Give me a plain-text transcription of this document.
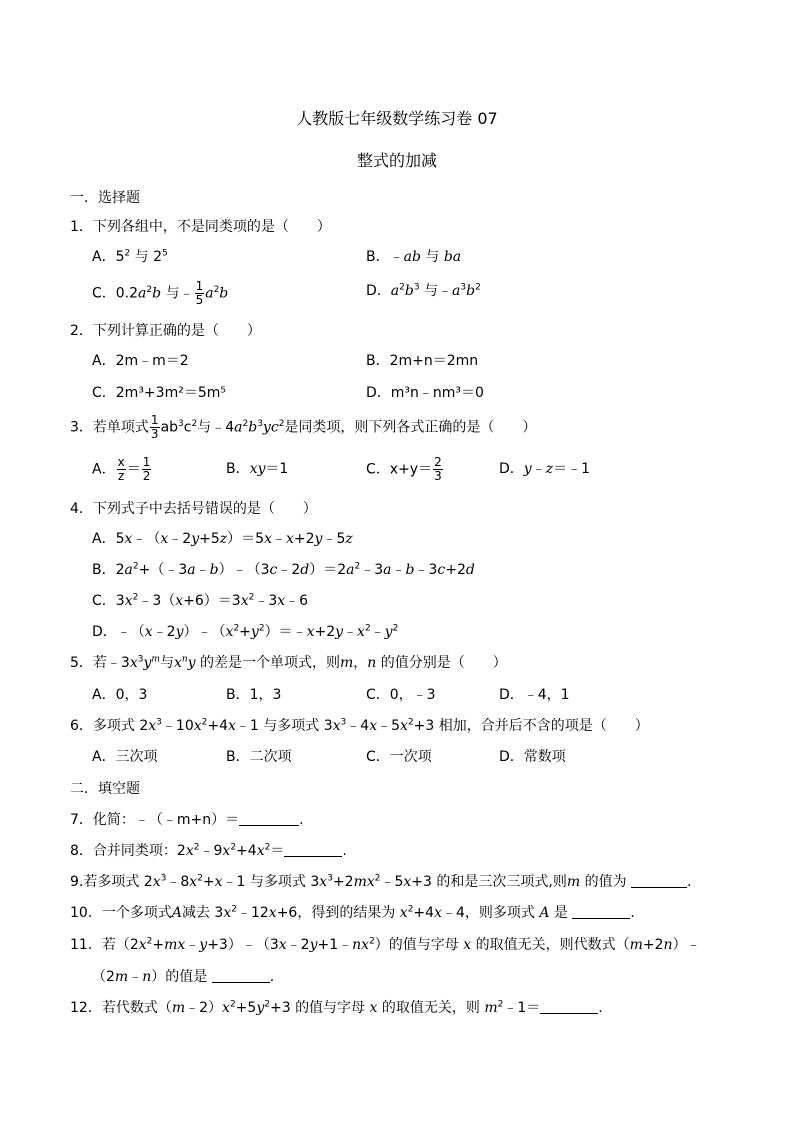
人教版七年级数学练习卷 07
整式的加减
一．选择题
1．下列各组中，不是同类项的是（　　）
A．$5^2$ 与 $2^5$	B．﹣ab 与 ba
C．$0.2a^2b$ 与﹣ $\frac{1}{5} a^2b$	D．$a^2b^3$ 与$﹣a^3b^2$
2．下列计算正确的是（　　）
A．2m﹣m＝2	B．2m+n＝2mn
C．2m³+3m²＝5m⁵	D．m³n﹣nm³＝0
3．若单项式 $\frac{1}{3} ab^3c^2$与$﹣4a^2b^3yc^2$是同类项，则下列各式正确的是（　　）
A． $\frac{x}{z} = \frac{1}{2}$	B．xy＝1	C．$x+y= \frac{2}{3}$	D．y﹣z＝﹣1
4．下列式子中去括号错误的是（　　）
A．5x﹣（x﹣2y+5z）＝5x﹣x+2y﹣5z
B．$2a^2+(﹣3a﹣b)﹣(3c﹣2d)=2a^2﹣3a﹣b﹣3c+2d$
C．$3x^2﹣3(x+6)=3x^2﹣3x﹣6$
D．$﹣(x﹣2y)﹣(x^2+y^2)=﹣x+2y﹣x^2﹣y^2$
5．若$﹣3x^3y^m$与$x^ny$ 的差是一个单项式，则m，n 的值分别是（　　）
A．0，3	B．1，3	C．0，﹣3	D．﹣4，1
6．多项式 $2x^3﹣10x^2+4x﹣1$ 与多项式 $3x^3﹣4x﹣5x^2+3$ 相加，合并后不含的项是（　　）
A．三次项	B．二次项	C．一次项	D．常数项
二．填空题
7．化简：﹣（﹣m+n）＝	.
8．合并同类项：$2x^2﹣9x^2+4x^2=$	.
9.若多项式 $2x^3﹣8x^2+x﹣1$ 与多项式 $3x^3+2mx^2﹣5x+3$ 的和是三次三项式,则m 的值为	.
10．一个多项式A减去 $3x^2﹣12x+6$，得到的结果为 $x^2+4x﹣4$，则多项式 A 是	.
11．若$(2x^2+mx﹣y+3)﹣(3x﹣2y+1﹣nx^2)$的值与字母 x 的取值无关，则代数式（m+2n）﹣
（2m﹣n）的值是	.
12．若代数式$(m﹣2)x^2+5y^2+3$ 的值与字母 x 的取值无关，则 $m^2﹣1=$	.
